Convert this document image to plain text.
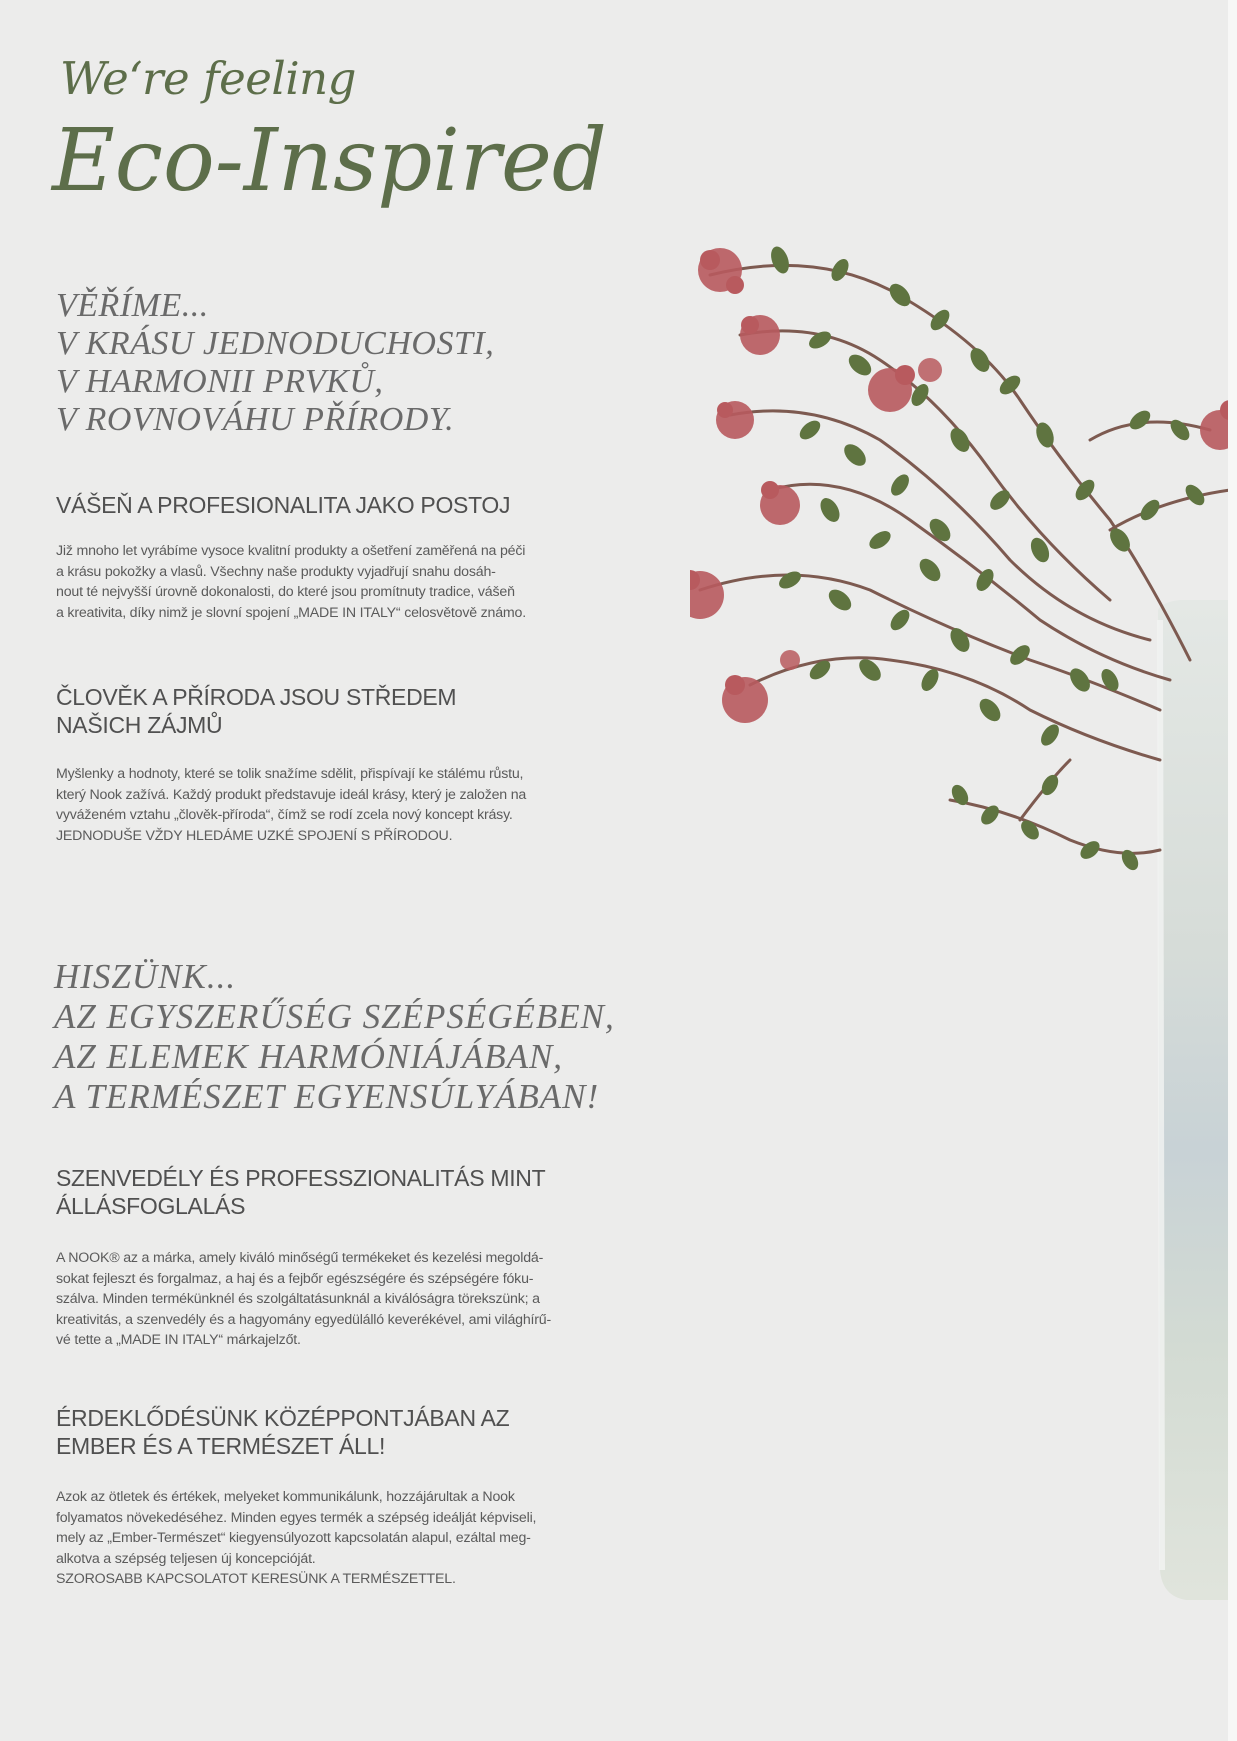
We‘re feeling
Eco-Inspired
VĚŘÍME...
V KRÁSU JEDNODUCHOSTI,
V HARMONII PRVKŮ,
V ROVNOVÁHU PŘÍRODY.
VÁŠEŇ A PROFESIONALITA JAKO POSTOJ
Již mnoho let vyrábíme vysoce kvalitní produkty a ošetření zaměřená na péči
a krásu pokožky a vlasů. Všechny naše produkty vyjadřují snahu dosáh-
nout té nejvyšší úrovně dokonalosti, do které jsou promítnuty tradice, vášeň
a kreativita, díky nimž je slovní spojení „MADE IN ITALY“ celosvětově známo.
ČLOVĚK A PŘÍRODA JSOU STŘEDEM
NAŠICH ZÁJMŮ
Myšlenky a hodnoty, které se tolik snažíme sdělit, přispívají ke stálému růstu,
který Nook zažívá. Každý produkt představuje ideál krásy, který je založen na
vyváženém vztahu „člověk-příroda“, čímž se rodí zcela nový koncept krásy.
JEDNODUŠE VŽDY HLEDÁME UZKÉ SPOJENÍ S PŘÍRODOU.
HISZÜNK...
AZ EGYSZERŰSÉG SZÉPSÉGÉBEN,
AZ ELEMEK HARMÓNIÁJÁBAN,
A TERMÉSZET EGYENSÚLYÁBAN!
SZENVEDÉLY ÉS PROFESSZIONALITÁS MINT
ÁLLÁSFOGLALÁS
A NOOK® az a márka, amely kiváló minőségű termékeket és kezelési megoldá-
sokat fejleszt és forgalmaz, a haj és a fejbőr egészségére és szépségére fóku-
szálva. Minden termékünknél és szolgáltatásunknál a kiválóságra törekszünk; a
kreativitás, a szenvedély és a hagyomány egyedülálló keverékével, ami világhírű-
vé tette a „MADE IN ITALY“ márkajelzőt.
ÉRDEKLŐDÉSÜNK KÖZÉPPONTJÁBAN AZ
EMBER ÉS A TERMÉSZET ÁLL!
Azok az ötletek és értékek, melyeket kommunikálunk, hozzájárultak a Nook
folyamatos növekedéséhez. Minden egyes termék a szépség ideálját képviseli,
mely az „Ember-Természet“ kiegyensúlyozott kapcsolatán alapul, ezáltal meg-
alkotva a szépség teljesen új koncepcióját.
SZOROSABB KAPCSOLATOT KERESÜNK A TERMÉSZETTEL.
